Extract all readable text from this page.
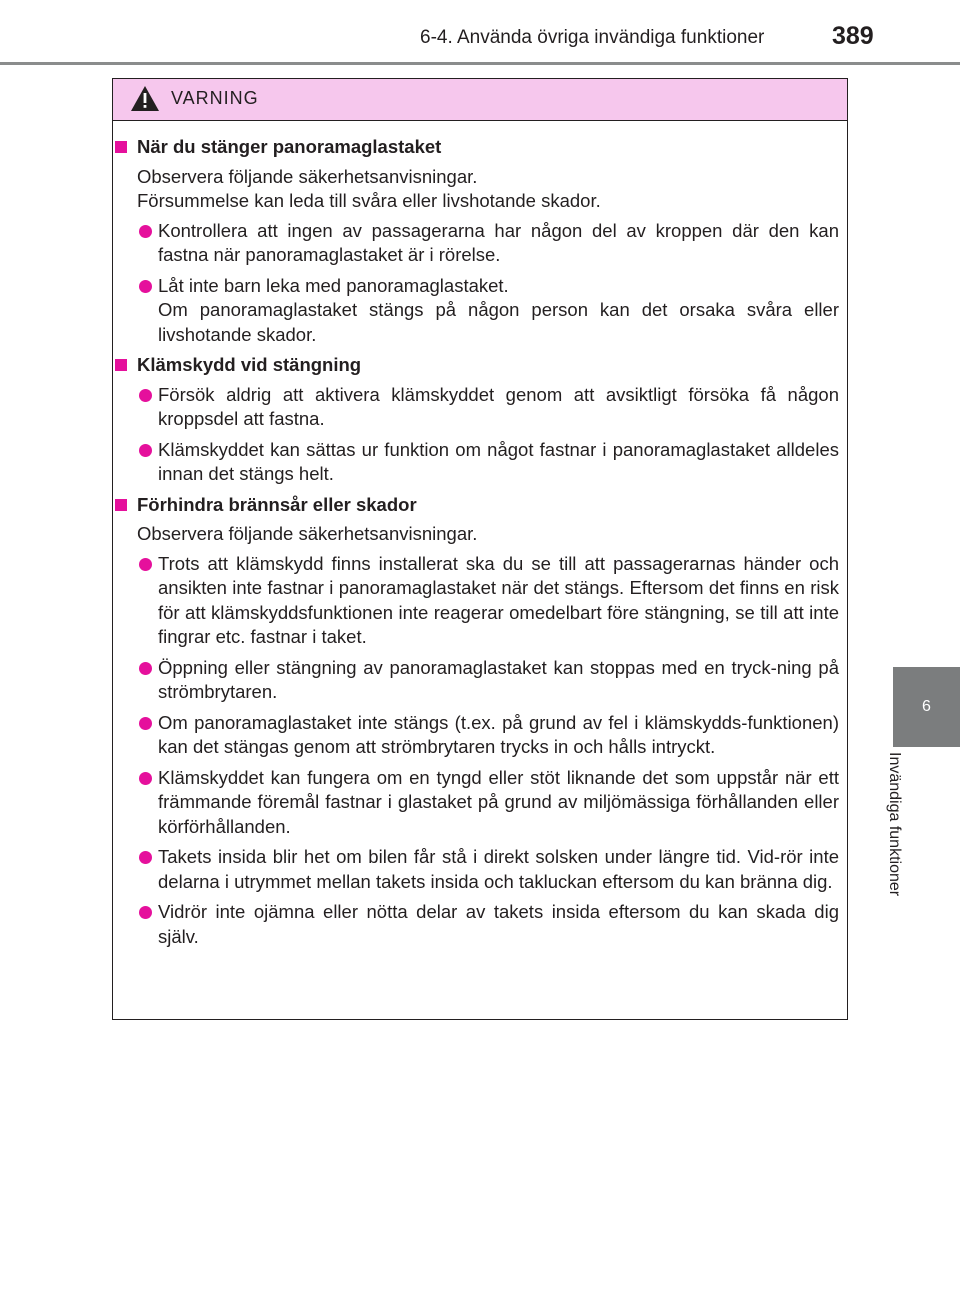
6-4. Använda övriga invändiga funktioner	389
6
Invändiga funktioner
VARNING
När du stänger panoramaglastaket
Observera följande säkerhetsanvisningar.
Försummelse kan leda till svåra eller livshotande skador.
Kontrollera att ingen av passagerarna har någon del av kroppen där den kan fastna när panoramaglastaket är i rörelse.
Låt inte barn leka med panoramaglastaket.
Om panoramaglastaket stängs på någon person kan det orsaka svåra eller livshotande skador.
Klämskydd vid stängning
Försök aldrig att aktivera klämskyddet genom att avsiktligt försöka få någon kroppsdel att fastna.
Klämskyddet kan sättas ur funktion om något fastnar i panoramaglastaket alldeles innan det stängs helt.
Förhindra brännsår eller skador
Observera följande säkerhetsanvisningar.
Trots att klämskydd finns installerat ska du se till att passagerarnas händer och ansikten inte fastnar i panoramaglastaket när det stängs. Eftersom det finns en risk för att klämskyddsfunktionen inte reagerar omedelbart före stängning, se till att inte fingrar etc. fastnar i taket.
Öppning eller stängning av panoramaglastaket kan stoppas med en tryck-ning på strömbrytaren.
Om panoramaglastaket inte stängs (t.ex. på grund av fel i klämskydds-funktionen) kan det stängas genom att strömbrytaren trycks in och hålls intryckt.
Klämskyddet kan fungera om en tyngd eller stöt liknande det som uppstår när ett främmande föremål fastnar i glastaket på grund av miljömässiga förhållanden eller körförhållanden.
Takets insida blir het om bilen får stå i direkt solsken under längre tid. Vid-rör inte delarna i utrymmet mellan takets insida och takluckan eftersom du kan bränna dig.
Vidrör inte ojämna eller nötta delar av takets insida eftersom du kan skada dig själv.
